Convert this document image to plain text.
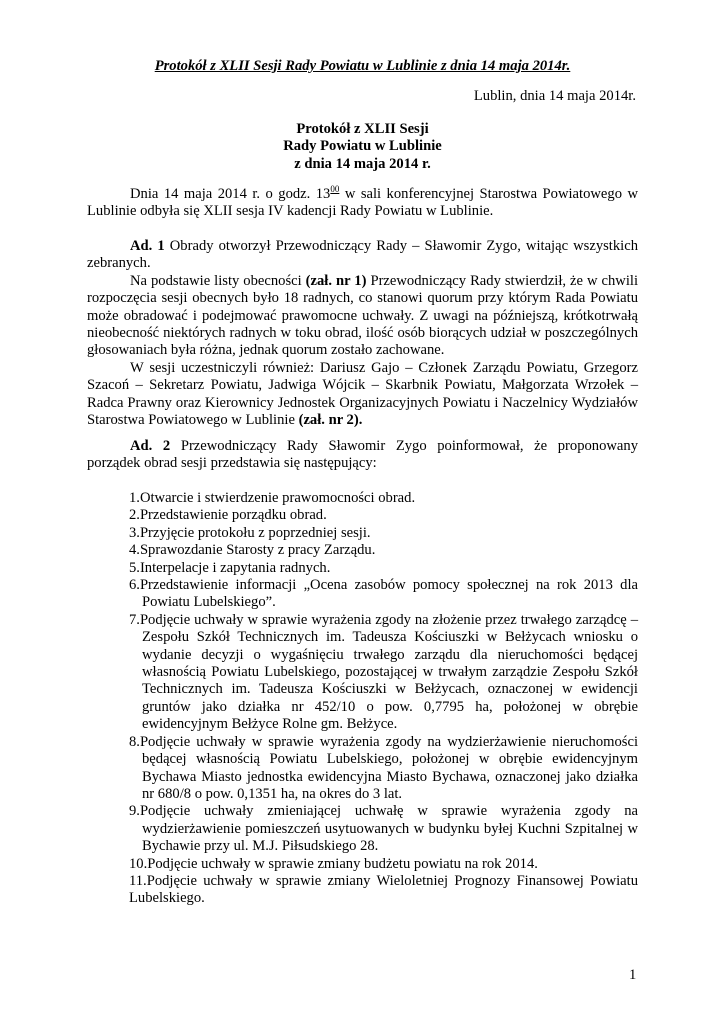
Protokół z XLII Sesji Rady Powiatu w Lublinie z dnia 14 maja 2014r.
Lublin, dnia 14 maja 2014r.
Protokół z XLII Sesji
Rady Powiatu w Lublinie
z dnia 14 maja 2014 r.

Dnia 14 maja 2014 r. o godz. $13^{00}$ w sali konferencyjnej Starostwa Powiatowego w Lublinie odbyła się XLII sesja IV kadencji Rady Powiatu w Lublinie.

Ad. 1 Obrady otworzył Przewodniczący Rady – Sławomir Zygo, witając wszystkich zebranych.

Na podstawie listy obecności (zał. nr 1) Przewodniczący Rady stwierdził, że w chwili rozpoczęcia sesji obecnych było 18 radnych, co stanowi quorum przy którym Rada Powiatu może obradować i podejmować prawomocne uchwały. Z uwagi na późniejszą, krótkotrwałą nieobecność niektórych radnych w toku obrad, ilość osób biorących udział w poszczególnych głosowaniach była różna, jednak quorum zostało zachowane.

W sesji uczestniczyli również: Dariusz Gajo – Członek Zarządu Powiatu, Grzegorz Szacoń – Sekretarz Powiatu, Jadwiga Wójcik – Skarbnik Powiatu, Małgorzata Wrzołek – Radca Prawny oraz Kierownicy Jednostek Organizacyjnych Powiatu i Naczelnicy Wydziałów Starostwa Powiatowego w Lublinie (zał. nr 2).

Ad. 2 Przewodniczący Rady Sławomir Zygo poinformował, że proponowany porządek obrad sesji przedstawia się następujący:

1.Otwarcie i stwierdzenie prawomocności obrad.
2.Przedstawienie porządku obrad.
3.Przyjęcie protokołu z poprzedniej sesji.
4.Sprawozdanie Starosty z pracy Zarządu.
5.Interpelacje i zapytania radnych.
6.Przedstawienie informacji „Ocena zasobów pomocy społecznej na rok 2013 dla Powiatu Lubelskiego”.
7.Podjęcie uchwały w sprawie wyrażenia zgody na złożenie przez trwałego zarządcę – Zespołu Szkół Technicznych im. Tadeusza Kościuszki w Bełżycach wniosku o wydanie decyzji o wygaśnięciu trwałego zarządu dla nieruchomości będącej własnością Powiatu Lubelskiego, pozostającej w trwałym zarządzie Zespołu Szkół Technicznych im. Tadeusza Kościuszki w Bełżycach, oznaczonej w ewidencji gruntów jako działka nr 452/10 o pow. 0,7795 ha, położonej w obrębie ewidencyjnym Bełżyce Rolne gm. Bełżyce.
8.Podjęcie uchwały w sprawie wyrażenia zgody na wydzierżawienie nieruchomości będącej własnością Powiatu Lubelskiego, położonej w obrębie ewidencyjnym Bychawa Miasto jednostka ewidencyjna Miasto Bychawa, oznaczonej jako działka nr 680/8 o pow. 0,1351 ha, na okres do 3 lat.
9.Podjęcie uchwały zmieniającej uchwałę w sprawie wyrażenia zgody na wydzierżawienie pomieszczeń usytuowanych w budynku byłej Kuchni Szpitalnej w Bychawie przy ul. M.J. Piłsudskiego 28.
10.Podjęcie uchwały w sprawie zmiany budżetu powiatu na rok 2014.
11.Podjęcie uchwały w sprawie zmiany Wieloletniej Prognozy Finansowej Powiatu Lubelskiego.
1
